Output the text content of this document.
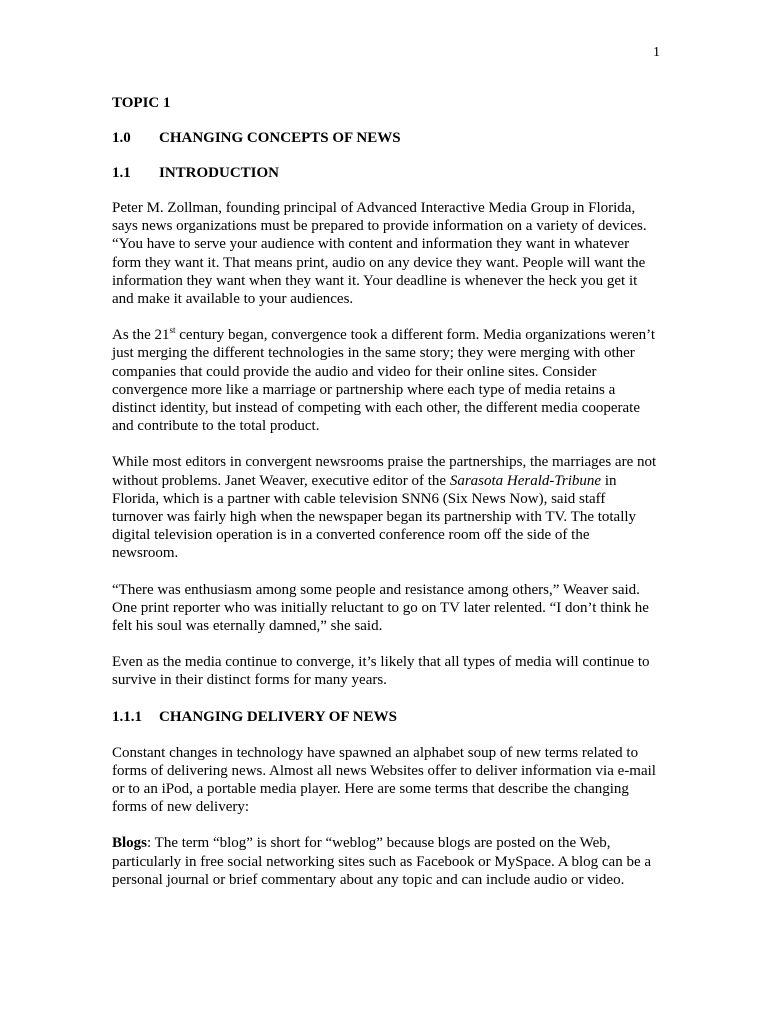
1

TOPIC 1

1.0 CHANGING CONCEPTS OF NEWS

1.1 INTRODUCTION

Peter M. Zollman, founding principal of Advanced Interactive Media Group in Florida, says news organizations must be prepared to provide information on a variety of devices. “You have to serve your audience with content and information they want in whatever form they want it. That means print, audio on any device they want. People will want the information they want when they want it. Your deadline is whenever the heck you get it and make it available to your audiences.

As the 21st century began, convergence took a different form. Media organizations weren’t just merging the different technologies in the same story; they were merging with other companies that could provide the audio and video for their online sites. Consider convergence more like a marriage or partnership where each type of media retains a distinct identity, but instead of competing with each other, the different media cooperate and contribute to the total product.

While most editors in convergent newsrooms praise the partnerships, the marriages are not without problems. Janet Weaver, executive editor of the Sarasota Herald-Tribune in Florida, which is a partner with cable television SNN6 (Six News Now), said staff turnover was fairly high when the newspaper began its partnership with TV. The totally digital television operation is in a converted conference room off the side of the newsroom.

“There was enthusiasm among some people and resistance among others,” Weaver said. One print reporter who was initially reluctant to go on TV later relented. “I don’t think he felt his soul was eternally damned,” she said.

Even as the media continue to converge, it’s likely that all types of media will continue to survive in their distinct forms for many years.

1.1.1 CHANGING DELIVERY OF NEWS

Constant changes in technology have spawned an alphabet soup of new terms related to forms of delivering news. Almost all news Websites offer to deliver information via e-mail or to an iPod, a portable media player. Here are some terms that describe the changing forms of new delivery:

Blogs: The term “blog” is short for “weblog” because blogs are posted on the Web, particularly in free social networking sites such as Facebook or MySpace. A blog can be a personal journal or brief commentary about any topic and can include audio or video.
